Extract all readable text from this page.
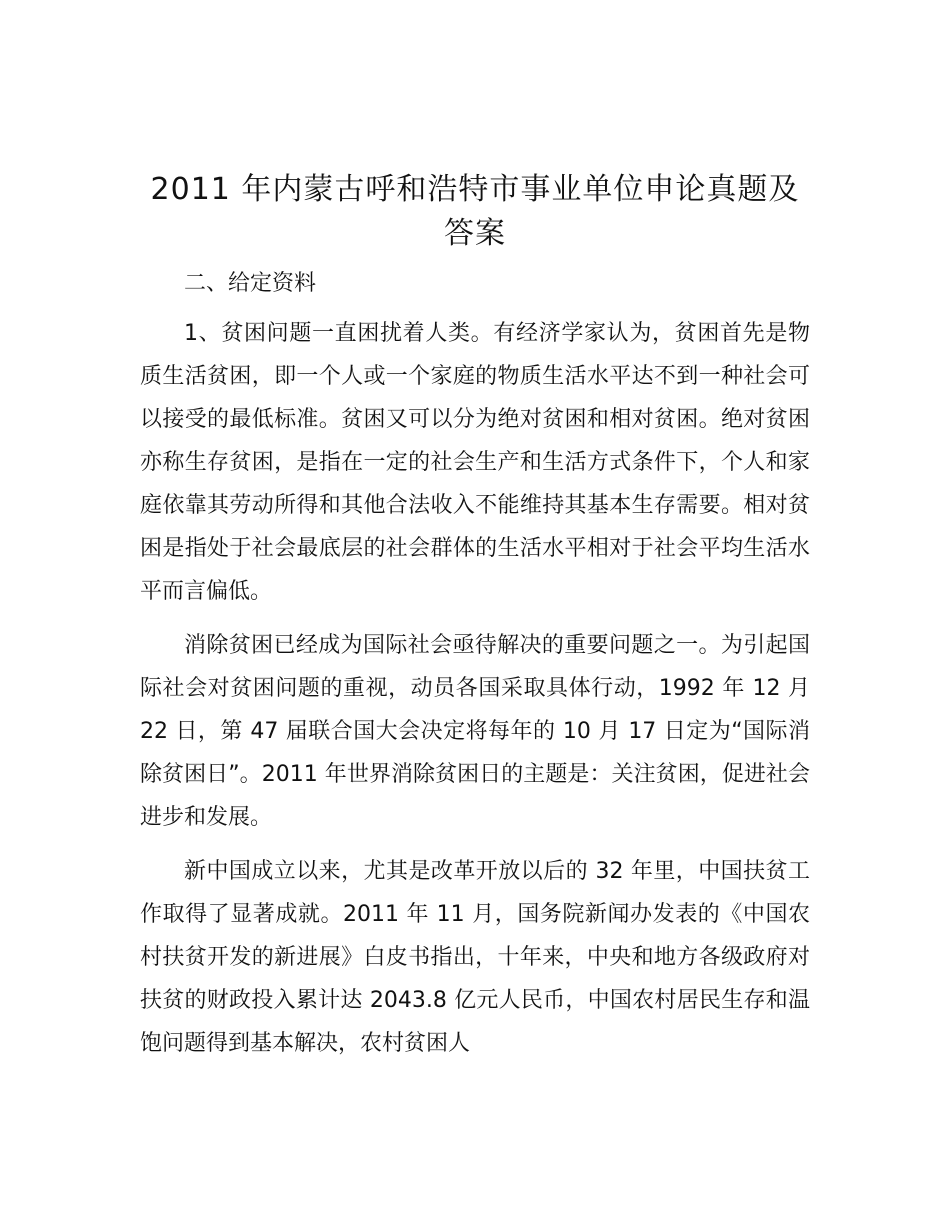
2011 年内蒙古呼和浩特市事业单位申论真题及答案

二、给定资料

1、贫困问题一直困扰着人类。有经济学家认为，贫困首先是物质生活贫困，即一个人或一个家庭的物质生活水平达不到一种社会可以接受的最低标准。贫困又可以分为绝对贫困和相对贫困。绝对贫困亦称生存贫困，是指在一定的社会生产和生活方式条件下，个人和家庭依靠其劳动所得和其他合法收入不能维持其基本生存需要。相对贫困是指处于社会最底层的社会群体的生活水平相对于社会平均生活水平而言偏低。

消除贫困已经成为国际社会亟待解决的重要问题之一。为引起国际社会对贫困问题的重视，动员各国采取具体行动，1992 年 12 月 22 日，第 47 届联合国大会决定将每年的 10 月 17 日定为“国际消除贫困日”。2011 年世界消除贫困日的主题是：关注贫困，促进社会进步和发展。

新中国成立以来，尤其是改革开放以后的 32 年里，中国扶贫工作取得了显著成就。2011 年 11 月，国务院新闻办发表的《中国农村扶贫开发的新进展》白皮书指出，十年来，中央和地方各级政府对扶贫的财政投入累计达 2043.8 亿元人民币，中国农村居民生存和温饱问题得到基本解决，农村贫困人
